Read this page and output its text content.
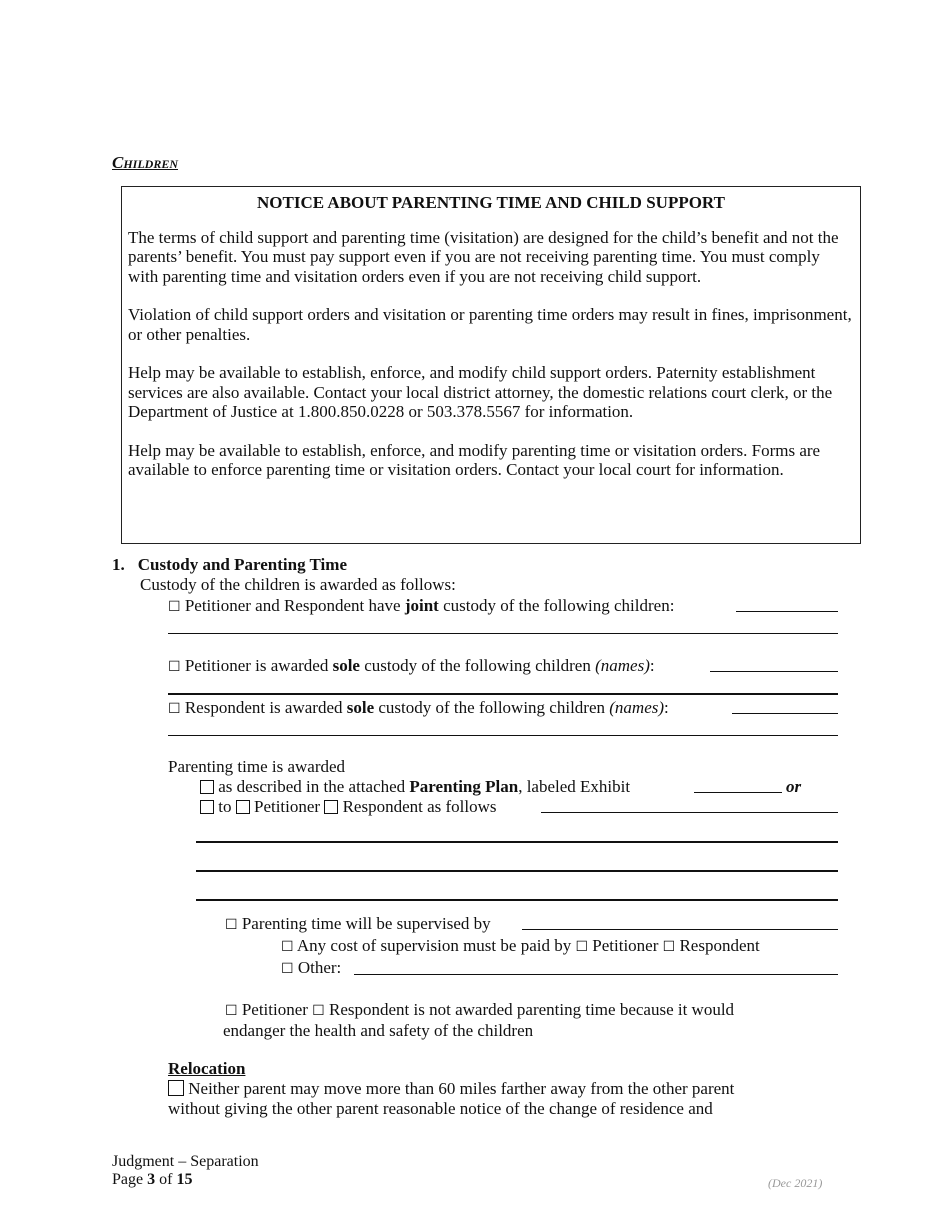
Children
NOTICE ABOUT PARENTING TIME AND CHILD SUPPORT

The terms of child support and parenting time (visitation) are designed for the child’s benefit and not the parents’ benefit. You must pay support even if you are not receiving parenting time. You must comply with parenting time and visitation orders even if you are not receiving child support.

Violation of child support orders and visitation or parenting time orders may result in fines, imprisonment, or other penalties.

Help may be available to establish, enforce, and modify child support orders. Paternity establishment services are also available. Contact your local district attorney, the domestic relations court clerk, or the Department of Justice at 1.800.850.0228 or 503.378.5567 for information.

Help may be available to establish, enforce, and modify parenting time or visitation orders. Forms are available to enforce parenting time or visitation orders. Contact your local court for information.

1. Custody and Parenting Time
Custody of the children is awarded as follows:
☐ Petitioner and Respondent have joint custody of the following children:
☐ Petitioner is awarded sole custody of the following children (names):
☐ Respondent is awarded sole custody of the following children (names):
Parenting time is awarded
as described in the attached Parenting Plan, labeled Exhibit	or
to Petitioner Respondent as follows
☐ Parenting time will be supervised by
☐ Any cost of supervision must be paid by ☐ Petitioner ☐ Respondent
☐ Other:
☐ Petitioner ☐ Respondent is not awarded parenting time because it would
endanger the health and safety of the children
Relocation
Neither parent may move more than 60 miles farther away from the other parent
without giving the other parent reasonable notice of the change of residence and
Judgment – Separation
Page 3 of 15	(Dec 2021)
